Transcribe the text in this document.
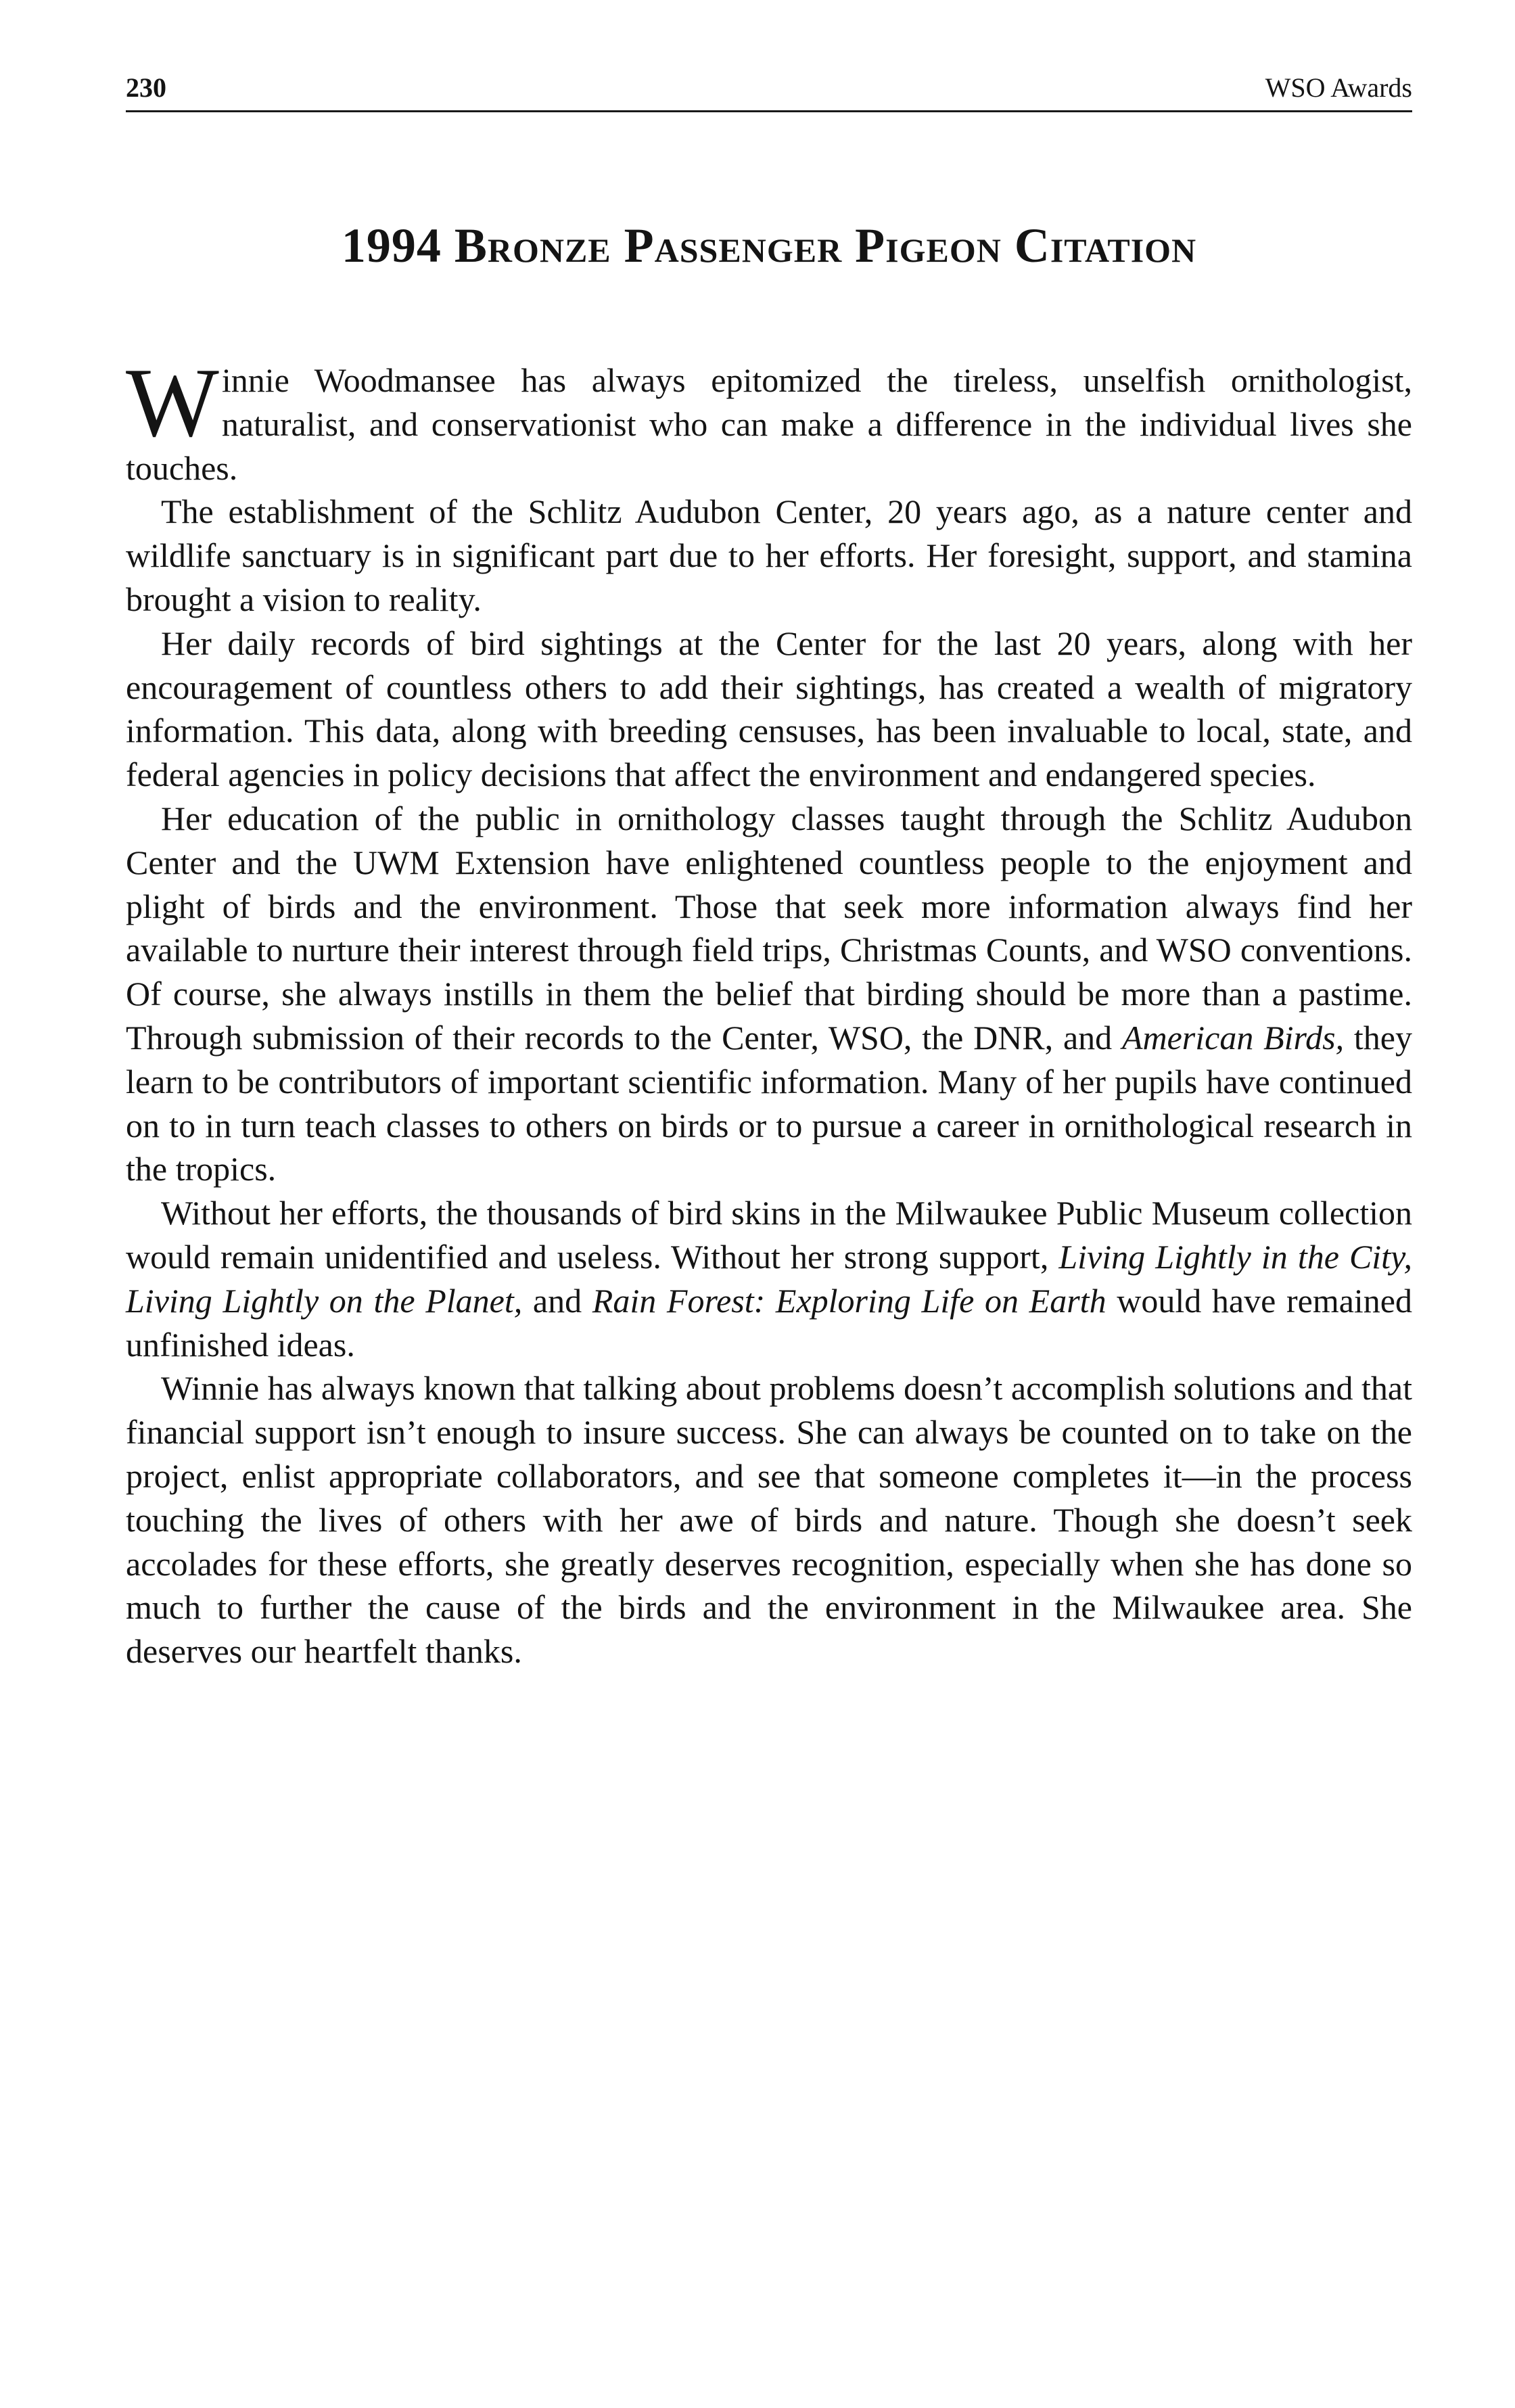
230	WSO Awards
1994 Bronze Passenger Pigeon Citation

Winnie Woodmansee has always epitomized the tireless, unselfish ornithologist, naturalist, and conservationist who can make a difference in the individual lives she touches.

The establishment of the Schlitz Audubon Center, 20 years ago, as a nature center and wildlife sanctuary is in significant part due to her efforts. Her foresight, support, and stamina brought a vision to reality.

Her daily records of bird sightings at the Center for the last 20 years, along with her encouragement of countless others to add their sightings, has created a wealth of migratory information. This data, along with breeding censuses, has been invaluable to local, state, and federal agencies in policy decisions that affect the environment and endangered species.

Her education of the public in ornithology classes taught through the Schlitz Audubon Center and the UWM Extension have enlightened countless people to the enjoyment and plight of birds and the environment. Those that seek more information always find her available to nurture their interest through field trips, Christmas Counts, and WSO conventions. Of course, she always instills in them the belief that birding should be more than a pastime. Through submission of their records to the Center, WSO, the DNR, and American Birds, they learn to be contributors of important scientific information. Many of her pupils have continued on to in turn teach classes to others on birds or to pursue a career in ornithological research in the tropics.

Without her efforts, the thousands of bird skins in the Milwaukee Public Museum collection would remain unidentified and useless. Without her strong support, Living Lightly in the City, Living Lightly on the Planet, and Rain Forest: Exploring Life on Earth would have remained unfinished ideas.

Winnie has always known that talking about problems doesn’t accomplish solutions and that financial support isn’t enough to insure success. She can always be counted on to take on the project, enlist appropriate collaborators, and see that someone completes it—in the process touching the lives of others with her awe of birds and nature. Though she doesn’t seek accolades for these efforts, she greatly deserves recognition, especially when she has done so much to further the cause of the birds and the environment in the Milwaukee area. She deserves our heartfelt thanks.
